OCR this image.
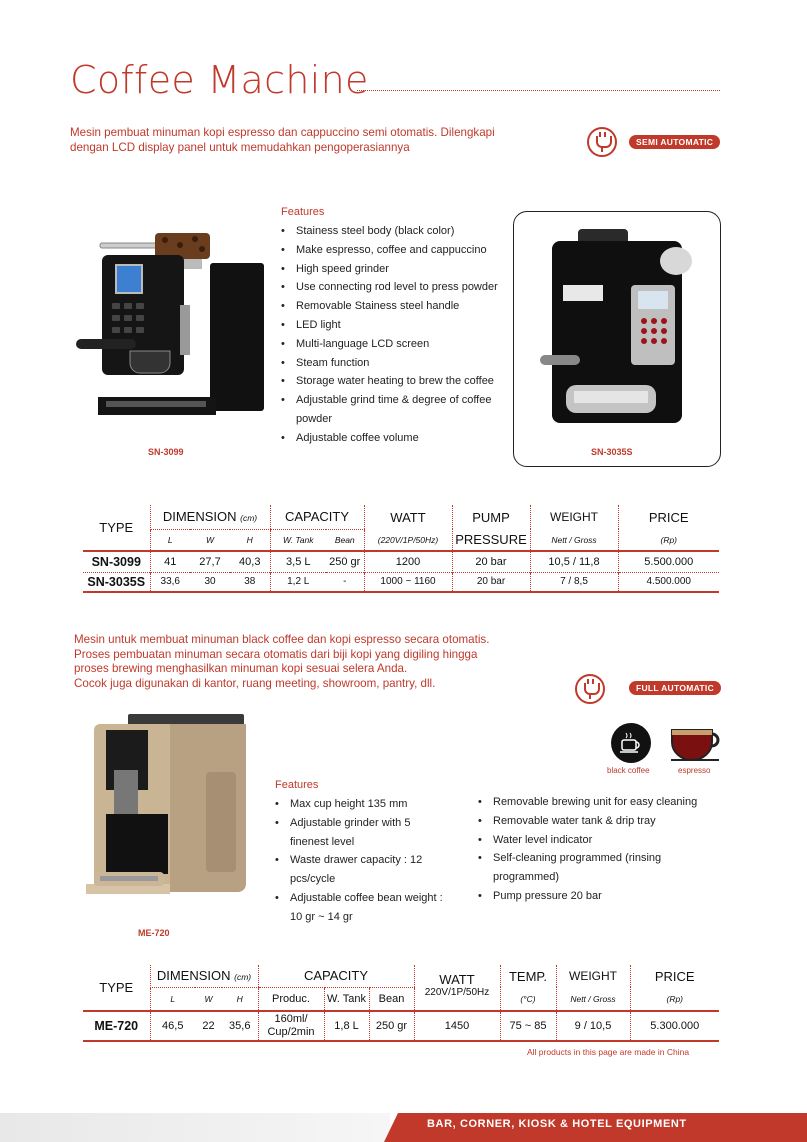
Coffee Machine
Mesin pembuat minuman kopi espresso dan cappuccino semi otomatis. Dilengkapi dengan LCD display panel untuk memudahkan pengoperasiannya	SEMI AUTOMATIC
SN-3099
Features
• Stainess steel body (black color)
• Make espresso, coffee and cappuccino
• High speed grinder
• Use connecting rod level to press powder
• Removable Stainess steel handle
• LED light
• Multi-language LCD screen
• Steam function
• Storage water heating to brew the coffee
• Adjustable grind time & degree of coffee powder
• Adjustable coffee volume
SN-3035S
TYPE	DIMENSION (cm)			CAPACITY		WATT	PUMP	WEIGHT	PRICE
	L	W	H	W. Tank	Bean	(220V/1P/50Hz)	PRESSURE	Nett / Gross	(Rp)
SN-3099	41	27,7	40,3	3,5 L	250 gr	1200	20 bar	10,5 / 11,8	5.500.000
SN-3035S	33,6	30	38	1,2 L	-	1000 ~ 1160	20 bar	7 / 8,5	4.500.000
Mesin untuk membuat minuman black coffee dan kopi espresso secara otomatis.
Proses pembuatan minuman secara otomatis dari biji kopi yang digiling hingga
proses brewing menghasilkan minuman kopi sesuai selera Anda.
Cocok juga digunakan di kantor, ruang meeting, showroom, pantry, dll.	FULL AUTOMATIC
black coffee	espresso
ME-720
Features
• Max cup height 135 mm
• Adjustable grinder with 5 finenest level
• Waste drawer capacity : 12 pcs/cycle
• Adjustable coffee bean weight : 10 gr ~ 14 gr
• Removable brewing unit for easy cleaning
• Removable water tank & drip tray
• Water level indicator
• Self-cleaning programmed (rinsing programmed)
• Pump pressure 20 bar
TYPE	DIMENSION (cm)			CAPACITY			WATT	TEMP.	WEIGHT	PRICE
	L	W	H	Produc.	W. Tank	Bean	220V/1P/50Hz	(°C)	Nett / Gross	(Rp)
ME-720	46,5	22	35,6	160ml/
Cup/2min	1,8 L	250 gr	1450	75 ~ 85	9 / 10,5	5.300.000
All products in this page are made in China
BAR, CORNER, KIOSK & HOTEL EQUIPMENT
